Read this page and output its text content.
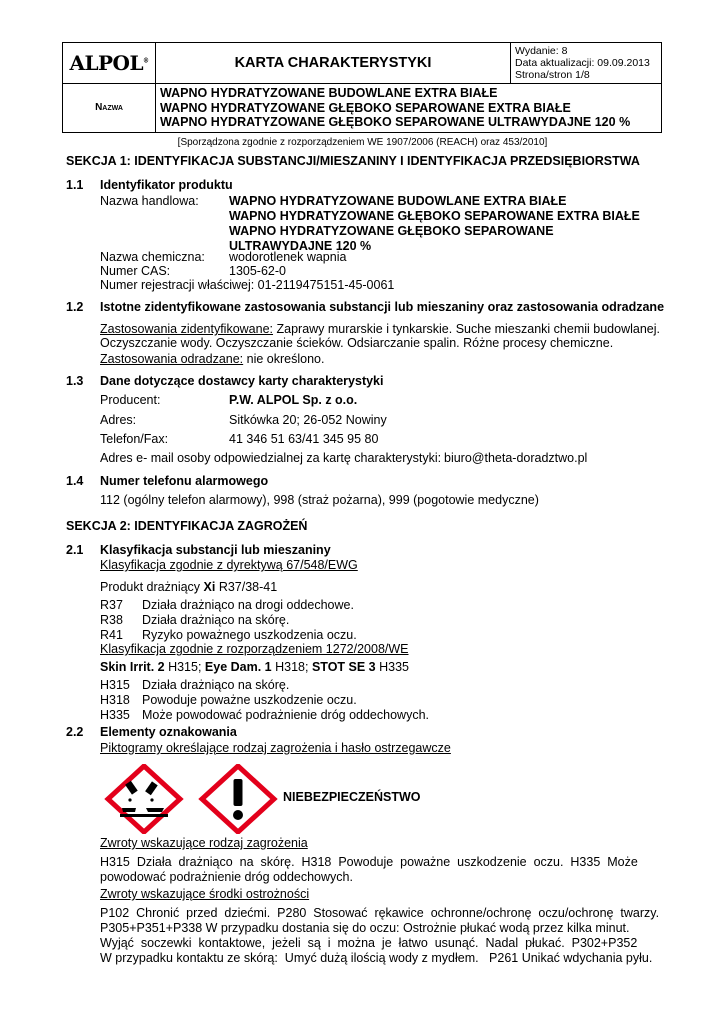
ALPOL®	KARTA CHARAKTERYSTYKI	Wydanie: 8
Data aktualizacji: 09.09.2013
Strona/stron 1/8

Nazwa	WAPNO HYDRATYZOWANE BUDOWLANE EXTRA BIAŁE
WAPNO HYDRATYZOWANE GŁĘBOKO SEPAROWANE EXTRA BIAŁE
WAPNO HYDRATYZOWANE GŁĘBOKO SEPAROWANE ULTRAWYDAJNE 120 %	
[Sporządzona zgodnie z rozporządzeniem WE 1907/2006 (REACH) oraz 453/2010]
SEKCJA 1: IDENTYFIKACJA SUBSTANCJI/MIESZANINY I IDENTYFIKACJA PRZEDSIĘBIORSTWA
1.1 Identyfikator produktu
Nazwa handlowa: WAPNO HYDRATYZOWANE BUDOWLANE EXTRA BIAŁE
WAPNO HYDRATYZOWANE GŁĘBOKO SEPAROWANE EXTRA BIAŁE
WAPNO HYDRATYZOWANE GŁĘBOKO SEPAROWANE
ULTRAWYDAJNE 120 %
Nazwa chemiczna: wodorotlenek wapnia
Numer CAS:	1305-62-0
Numer rejestracji właściwej: 01-2119475151-45-0061
1.2 Istotne zidentyfikowane zastosowania substancji lub mieszaniny oraz zastosowania odradzane
Zastosowania zidentyfikowane: Zaprawy murarskie i tynkarskie. Suche mieszanki chemii budowlanej.
Oczyszczanie wody. Oczyszczanie ścieków. Odsiarczanie spalin. Różne procesy chemiczne.
Zastosowania odradzane: nie określono.
1.3 Dane dotyczące dostawcy karty charakterystyki
Producent:	P.W. ALPOL Sp. z o.o.
Adres:	Sitkówka 20; 26-052 Nowiny
Telefon/Fax:	41 346 51 63/41 345 95 80
Adres e- mail osoby odpowiedzialnej za kartę charakterystyki: biuro@theta-doradztwo.pl
1.4 Numer telefonu alarmowego
112 (ogólny telefon alarmowy), 998 (straż pożarna), 999 (pogotowie medyczne)
SEKCJA 2: IDENTYFIKACJA ZAGROŻEŃ
2.1 Klasyfikacja substancji lub mieszaniny
Klasyfikacja zgodnie z dyrektywą 67/548/EWG
Produkt drażniący Xi R37/38-41
R37 Działa drażniąco na drogi oddechowe.
R38 Działa drażniąco na skórę.
R41 Ryzyko poważnego uszkodzenia oczu.
Klasyfikacja zgodnie z rozporządzeniem 1272/2008/WE
Skin Irrit. 2 H315; Eye Dam. 1 H318; STOT SE 3 H335
H315 Działa drażniąco na skórę.
H318 Powoduje poważne uszkodzenie oczu.
H335 Może powodować podrażnienie dróg oddechowych.
2.2 Elementy oznakowania
Piktogramy określające rodzaj zagrożenia i hasło ostrzegawcze
NIEBEZPIECZEŃSTWO
Zwroty wskazujące rodzaj zagrożenia
H315  Działa  drażniąco  na  skórę.  H318  Powoduje  poważne  uszkodzenie  oczu.  H335  Może
powodować podrażnienie dróg oddechowych.
Zwroty wskazujące środki ostrożności
P102  Chronić  przed  dziećmi.  P280  Stosować  rękawice  ochronne/ochronę  oczu/ochronę  twarzy.
P305+P351+P338 W przypadku dostania się do oczu: Ostrożnie płukać wodą przez kilka minut.
Wyjąć  soczewki  kontaktowe,  jeżeli  są  i  można  je  łatwo  usunąć.  Nadal  płukać.  P302+P352
W przypadku kontaktu ze skórą:  Umyć dużą ilością wody z mydłem.   P261 Unikać wdychania pyłu.
